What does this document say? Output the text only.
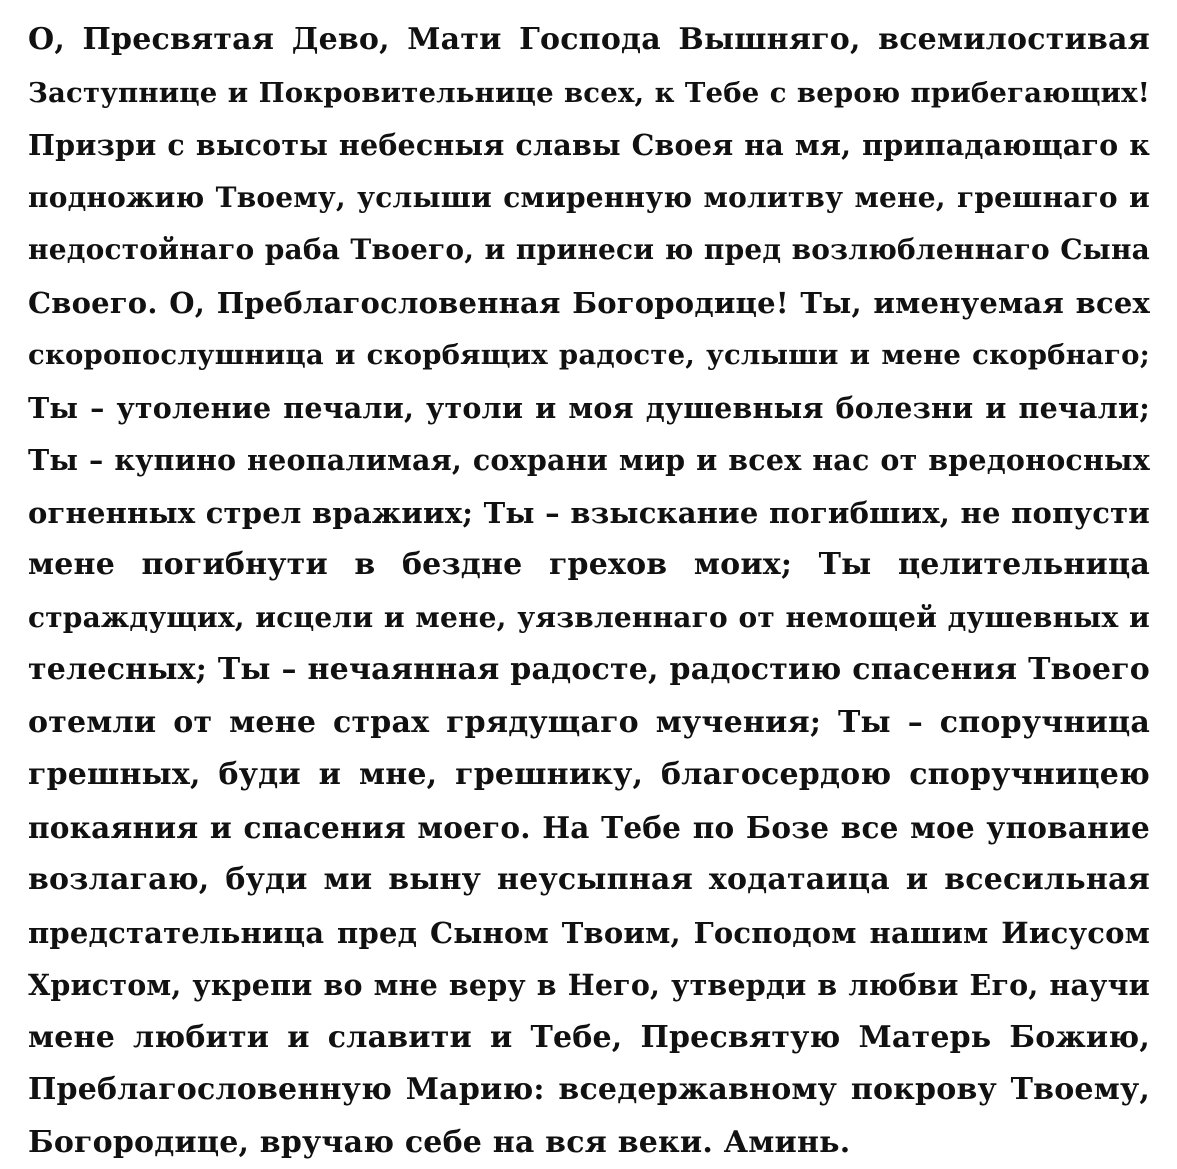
О, Пресвятая Дево, Мати Господа Вышняго, всемилостивая
Заступнице и Покровительнице всех, к Тебе с верою прибегающих!
Призри с высоты небесныя славы Своея на мя, припадающаго к
подножию Твоему, услыши смиренную молитву мене, грешнаго и
недостойнаго раба Твоего, и принеси ю пред возлюбленнаго Сына
Своего. О, Преблагословенная Богородице! Ты, именуемая всех
скоропослушница и скорбящих радосте, услыши и мене скорбнаго;
Ты – утоление печали, утоли и моя душевныя болезни и печали;
Ты – купино неопалимая, сохрани мир и всех нас от вредоносных
огненных стрел вражиих; Ты – взыскание погибших, не попусти
мене погибнути в бездне грехов моих; Ты целительница
страждущих, исцели и мене, уязвленнаго от немощей душевных и
телесных; Ты – нечаянная радосте, радостию спасения Твоего
отемли от мене страх грядущаго мучения; Ты – споручница
грешных, буди и мне, грешнику, благосердою споручницею
покаяния и спасения моего. На Тебе по Бозе все мое упование
возлагаю, буди ми выну неусыпная ходатаица и всесильная
предстательница пред Сыном Твоим, Господом нашим Иисусом
Христом, укрепи во мне веру в Него, утверди в любви Его, научи
мене любити и славити и Тебе, Пресвятую Матерь Божию,
Преблагословенную Марию: вседержавному покрову Твоему,
Богородице, вручаю себе на вся веки. Аминь.
